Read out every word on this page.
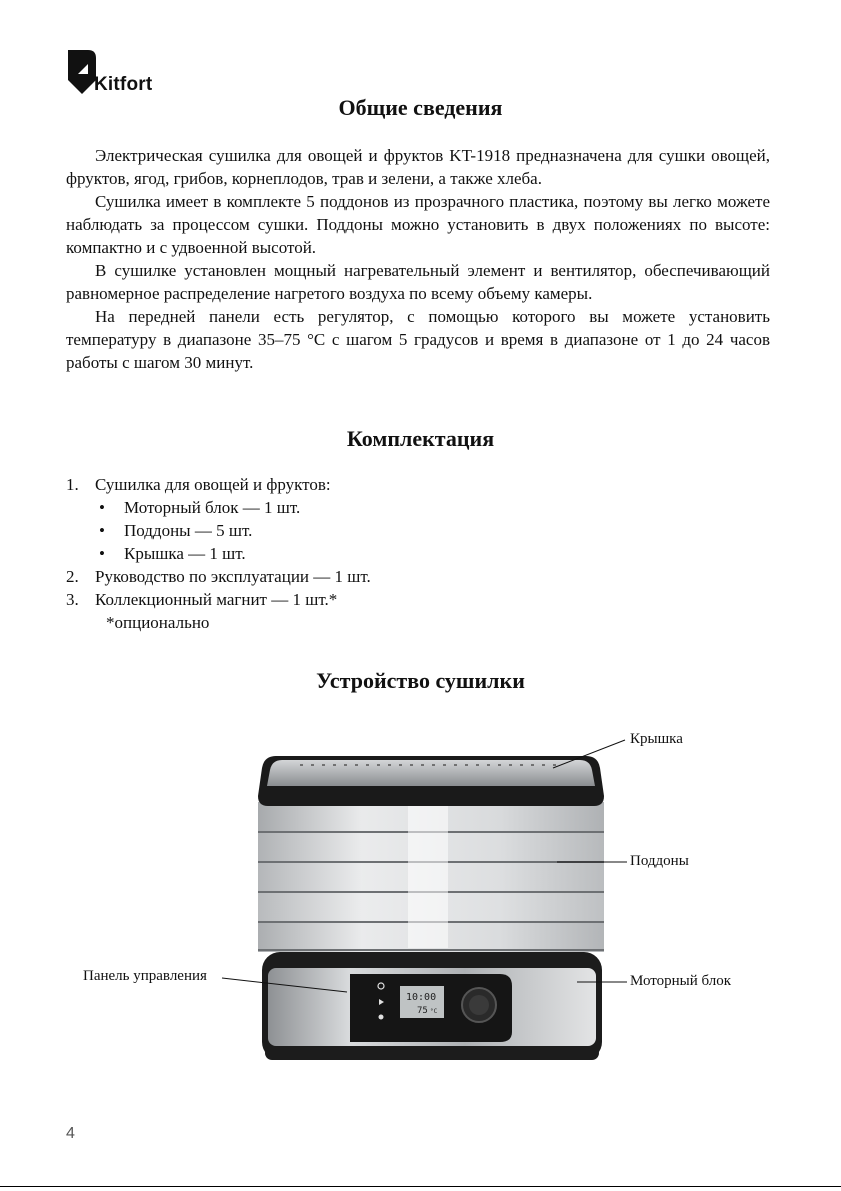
Kitfort
Общие сведения

Электрическая сушилка для овощей и фруктов KT-1918 предназначена для сушки овощей, фруктов, ягод, грибов, корнеплодов, трав и зелени, а также хлеба.

Сушилка имеет в комплекте 5 поддонов из прозрачного пластика, поэтому вы легко можете наблюдать за процессом сушки. Поддоны можно установить в двух положениях по высоте: компактно и с удвоенной высотой.

В сушилке установлен мощный нагревательный элемент и вентилятор, обеспечивающий равномерное распределение нагретого воздуха по всему объему камеры.

На передней панели есть регулятор, с помощью которого вы можете установить температуру в диапазоне 35–75 °С с шагом 5 градусов и время в диапазоне от 1 до 24 часов работы с шагом 30 минут.

Комплектация
1. Сушилка для овощей и фруктов:
• Моторный блок — 1 шт.
• Поддоны — 5 шт.
• Крышка — 1 шт.
2. Руководство по эксплуатации — 1 шт.
3. Коллекционный магнит — 1 шт.*
*опционально
Устройство сушилки
10:00
75 °C
Крышка
Поддоны
Панель управления	Моторный блок
4
